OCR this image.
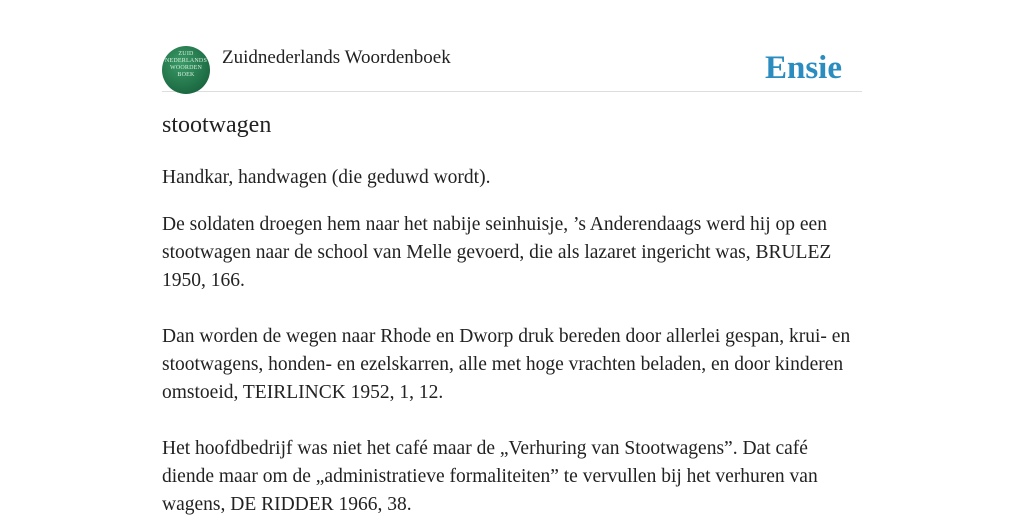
ZUID
NEDERLANDS
WOORDEN
BOEK
Zuidnederlands Woordenboek	Ensie
stootwagen

Handkar, handwagen (die geduwd wordt).

De soldaten droegen hem naar het nabije seinhuisje, ’s Anderendaags werd hij op een stootwagen naar de school van Melle gevoerd, die als lazaret ingericht was, BRULEZ 1950, 166.

Dan worden de wegen naar Rhode en Dworp druk bereden door allerlei gespan, krui- en stootwagens, honden- en ezelskarren, alle met hoge vrachten beladen, en door kinderen omstoeid, TEIRLINCK 1952, 1, 12.

Het hoofdbedrijf was niet het café maar de „Verhuring van Stootwagens”. Dat café diende maar om de „administratieve formaliteiten” te vervullen bij het verhuren van wagens, DE RIDDER 1966, 38.
